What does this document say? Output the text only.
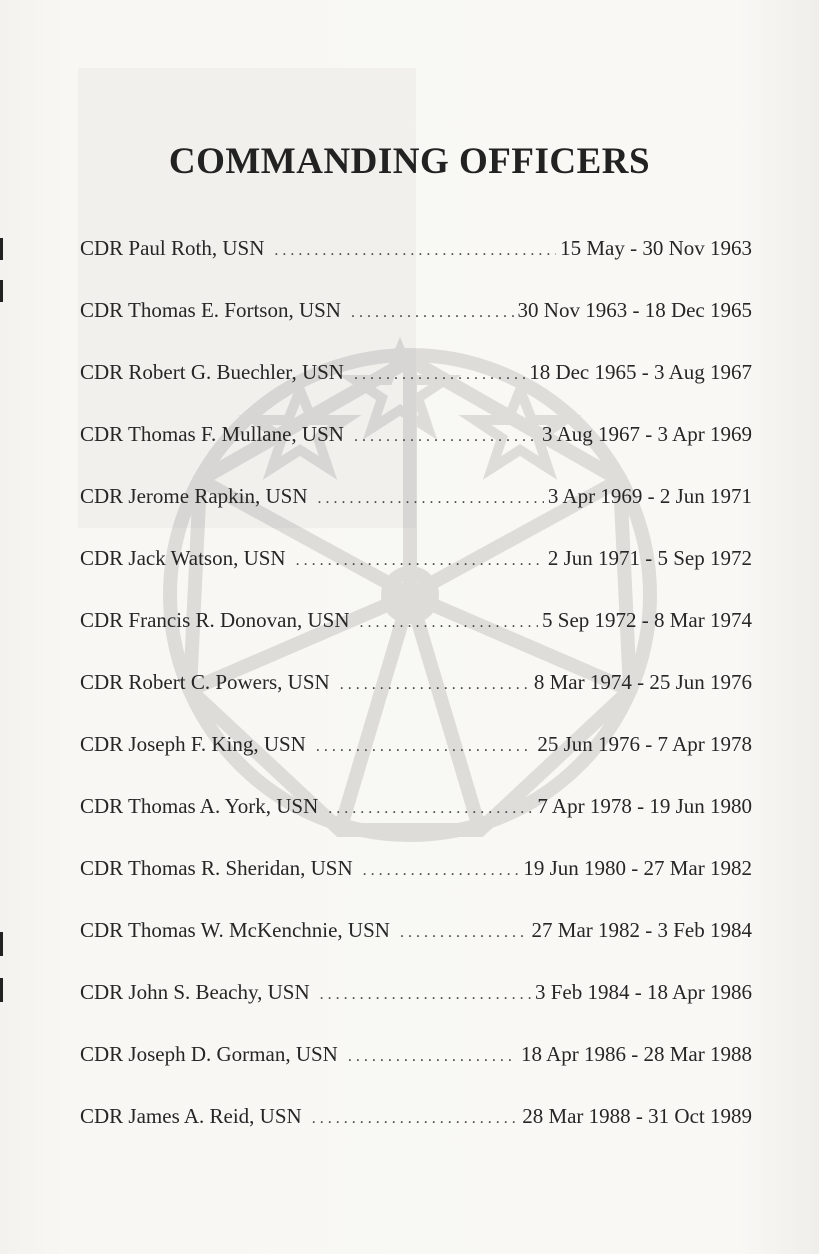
COMMANDING OFFICERS
CDR Paul Roth, USN . . .	15 May - 30 Nov 1963
CDR Thomas E. Fortson, USN . . .	30 Nov 1963 - 18 Dec 1965
CDR Robert G. Buechler, USN . . .	18 Dec 1965 - 3 Aug 1967
CDR Thomas F. Mullane, USN . . .	3 Aug 1967 - 3 Apr 1969
CDR Jerome Rapkin, USN . . .	3 Apr 1969 - 2 Jun 1971
CDR Jack Watson, USN . . .	2 Jun 1971 - 5 Sep 1972
CDR Francis R. Donovan, USN . . .	5 Sep 1972 - 8 Mar 1974
CDR Robert C. Powers, USN . . .	8 Mar 1974 - 25 Jun 1976
CDR Joseph F. King, USN . . .	25 Jun 1976 - 7 Apr 1978
CDR Thomas A. York, USN . . .	7 Apr 1978 - 19 Jun 1980
CDR Thomas R. Sheridan, USN . . .	19 Jun 1980 - 27 Mar 1982
CDR Thomas W. McKenchnie, USN . . .	27 Mar 1982 - 3 Feb 1984
CDR John S. Beachy, USN . . .	3 Feb 1984 - 18 Apr 1986
CDR Joseph D. Gorman, USN . . .	18 Apr 1986 - 28 Mar 1988
CDR James A. Reid, USN . . .	28 Mar 1988 - 31 Oct 1989
